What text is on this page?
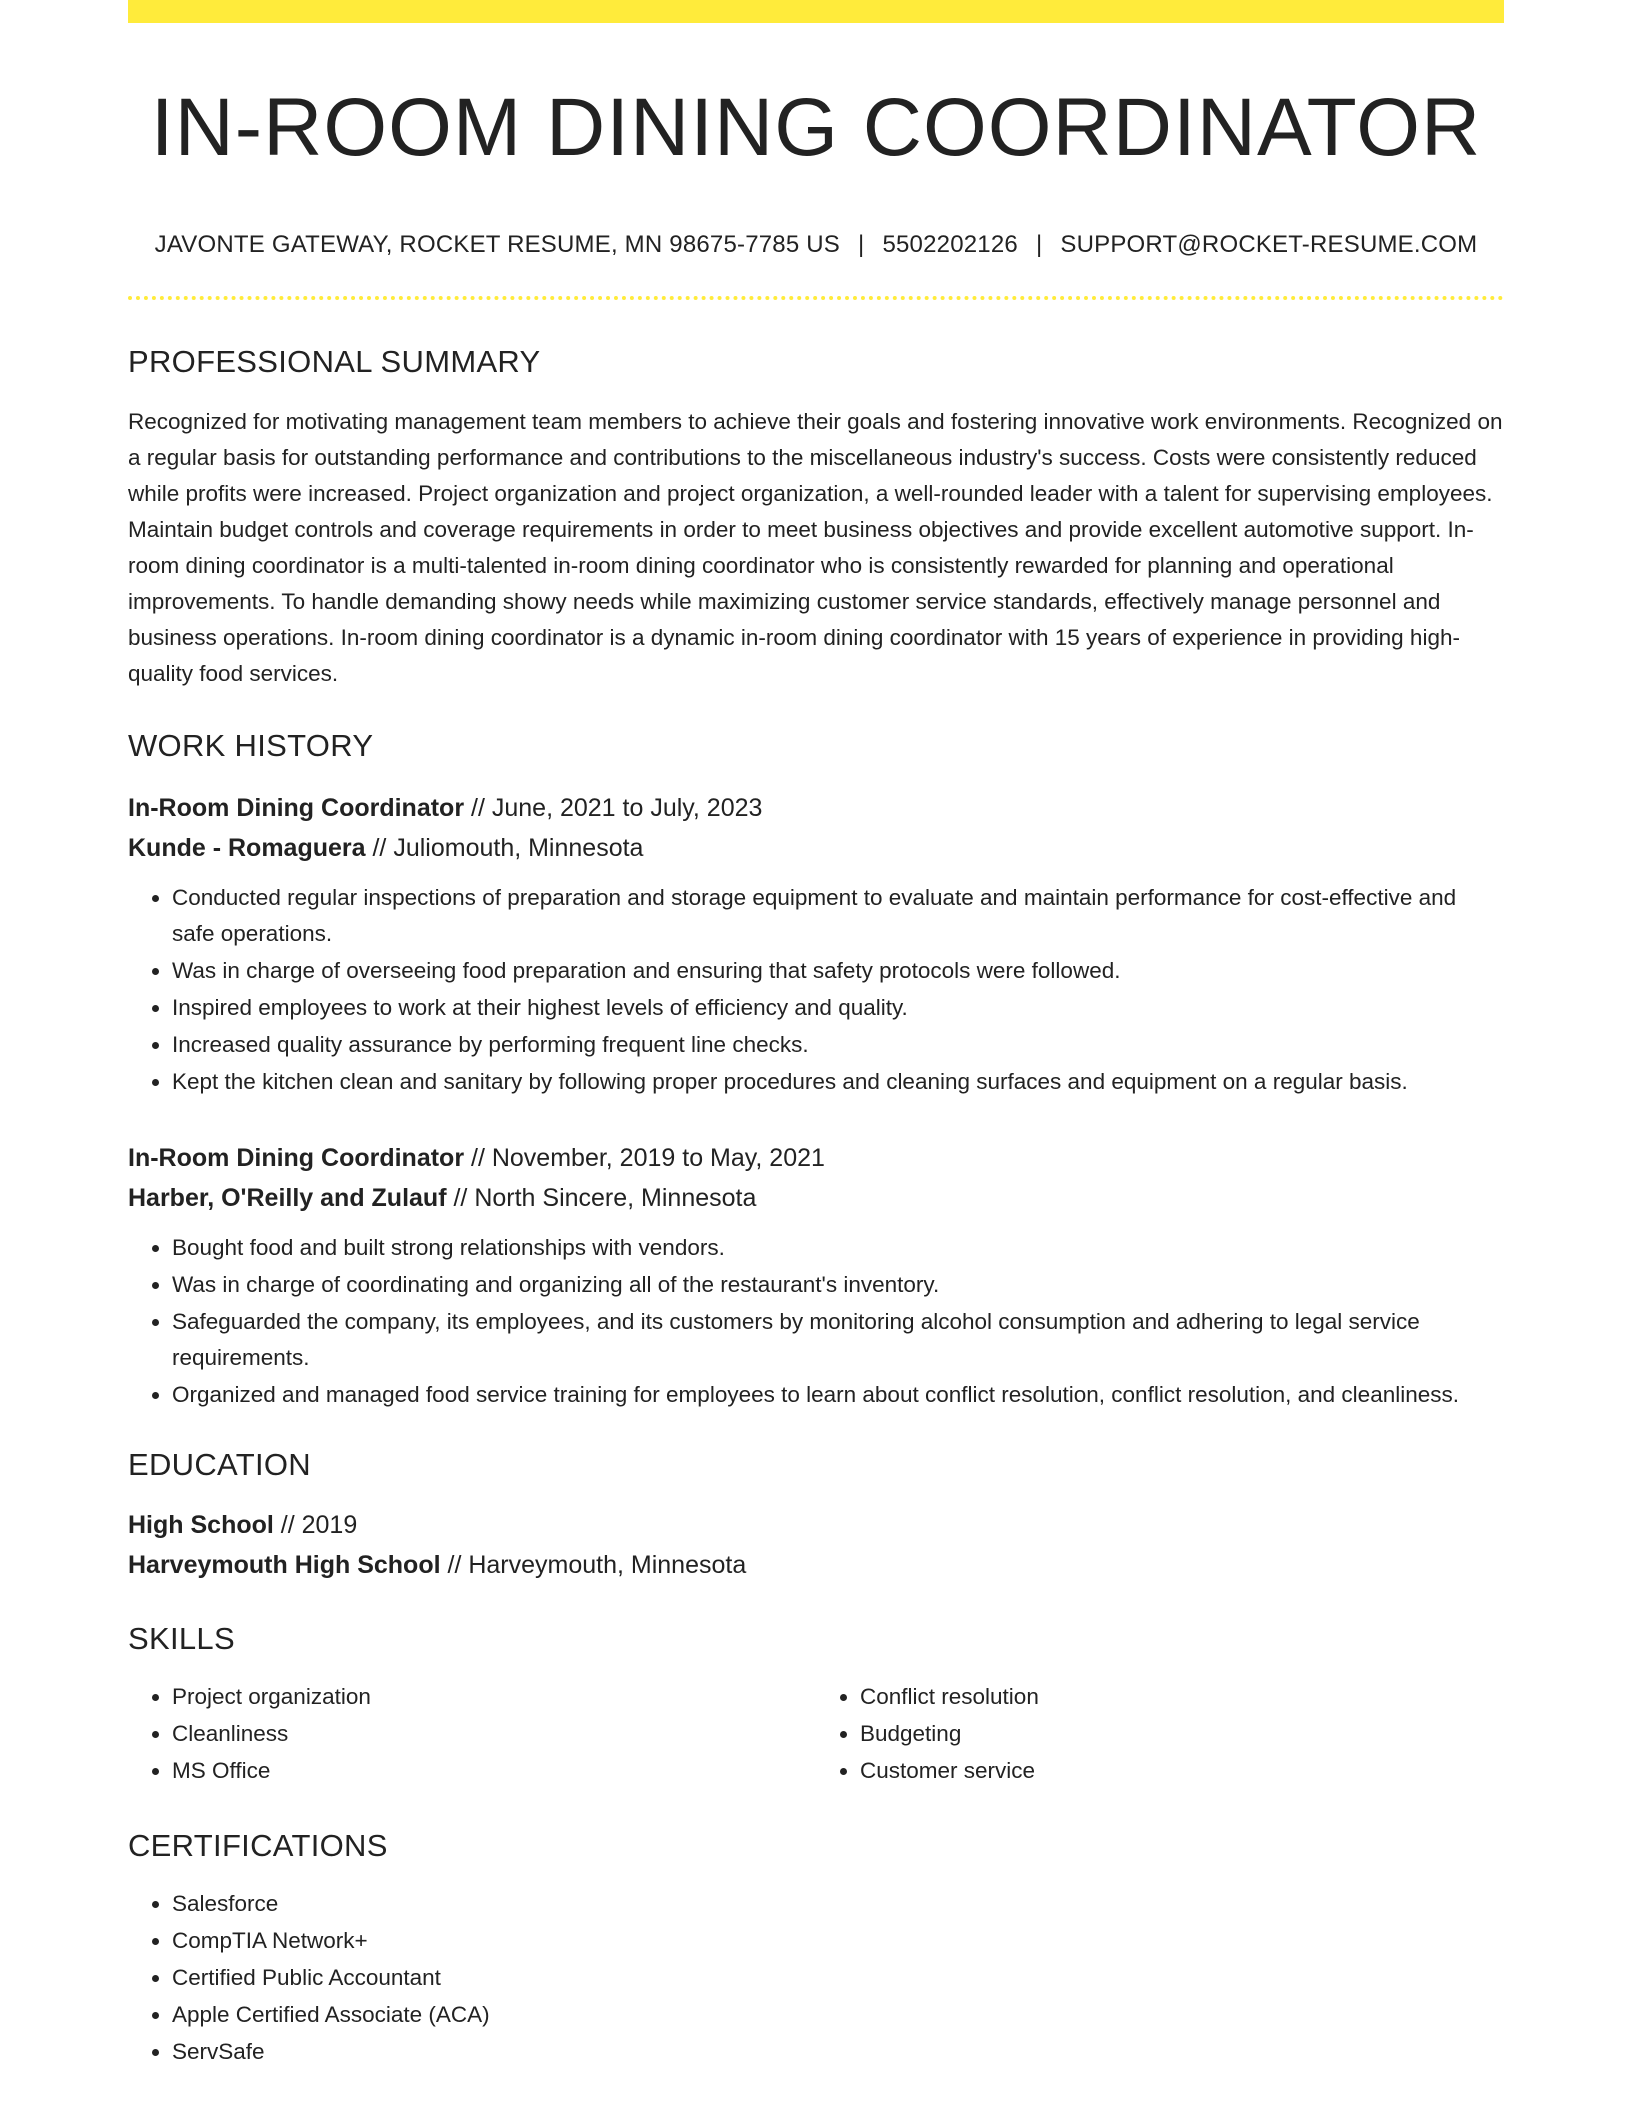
IN-ROOM DINING COORDINATOR
JAVONTE GATEWAY, ROCKET RESUME, MN 98675-7785 US | 5502202126 | SUPPORT@ROCKET-RESUME.COM
PROFESSIONAL SUMMARY
Recognized for motivating management team members to achieve their goals and fostering innovative work environments. Recognized on a regular basis for outstanding performance and contributions to the miscellaneous industry's success. Costs were consistently reduced while profits were increased. Project organization and project organization, a well-rounded leader with a talent for supervising employees. Maintain budget controls and coverage requirements in order to meet business objectives and provide excellent automotive support. In-room dining coordinator is a multi-talented in-room dining coordinator who is consistently rewarded for planning and operational improvements. To handle demanding showy needs while maximizing customer service standards, effectively manage personnel and business operations. In-room dining coordinator is a dynamic in-room dining coordinator with 15 years of experience in providing high-quality food services.
WORK HISTORY
In-Room Dining Coordinator // June, 2021 to July, 2023
Kunde - Romaguera // Juliomouth, Minnesota
• Conducted regular inspections of preparation and storage equipment to evaluate and maintain performance for cost-effective and safe operations.
• Was in charge of overseeing food preparation and ensuring that safety protocols were followed.
• Inspired employees to work at their highest levels of efficiency and quality.
• Increased quality assurance by performing frequent line checks.
• Kept the kitchen clean and sanitary by following proper procedures and cleaning surfaces and equipment on a regular basis.
In-Room Dining Coordinator // November, 2019 to May, 2021
Harber, O'Reilly and Zulauf // North Sincere, Minnesota
• Bought food and built strong relationships with vendors.
• Was in charge of coordinating and organizing all of the restaurant's inventory.
• Safeguarded the company, its employees, and its customers by monitoring alcohol consumption and adhering to legal service requirements.
• Organized and managed food service training for employees to learn about conflict resolution, conflict resolution, and cleanliness.
EDUCATION
High School // 2019
Harveymouth High School // Harveymouth, Minnesota
SKILLS
• Project organization
• Cleanliness
• MS Office
• Conflict resolution
• Budgeting
• Customer service
CERTIFICATIONS
• Salesforce
• CompTIA Network+
• Certified Public Accountant
• Apple Certified Associate (ACA)
• ServSafe
